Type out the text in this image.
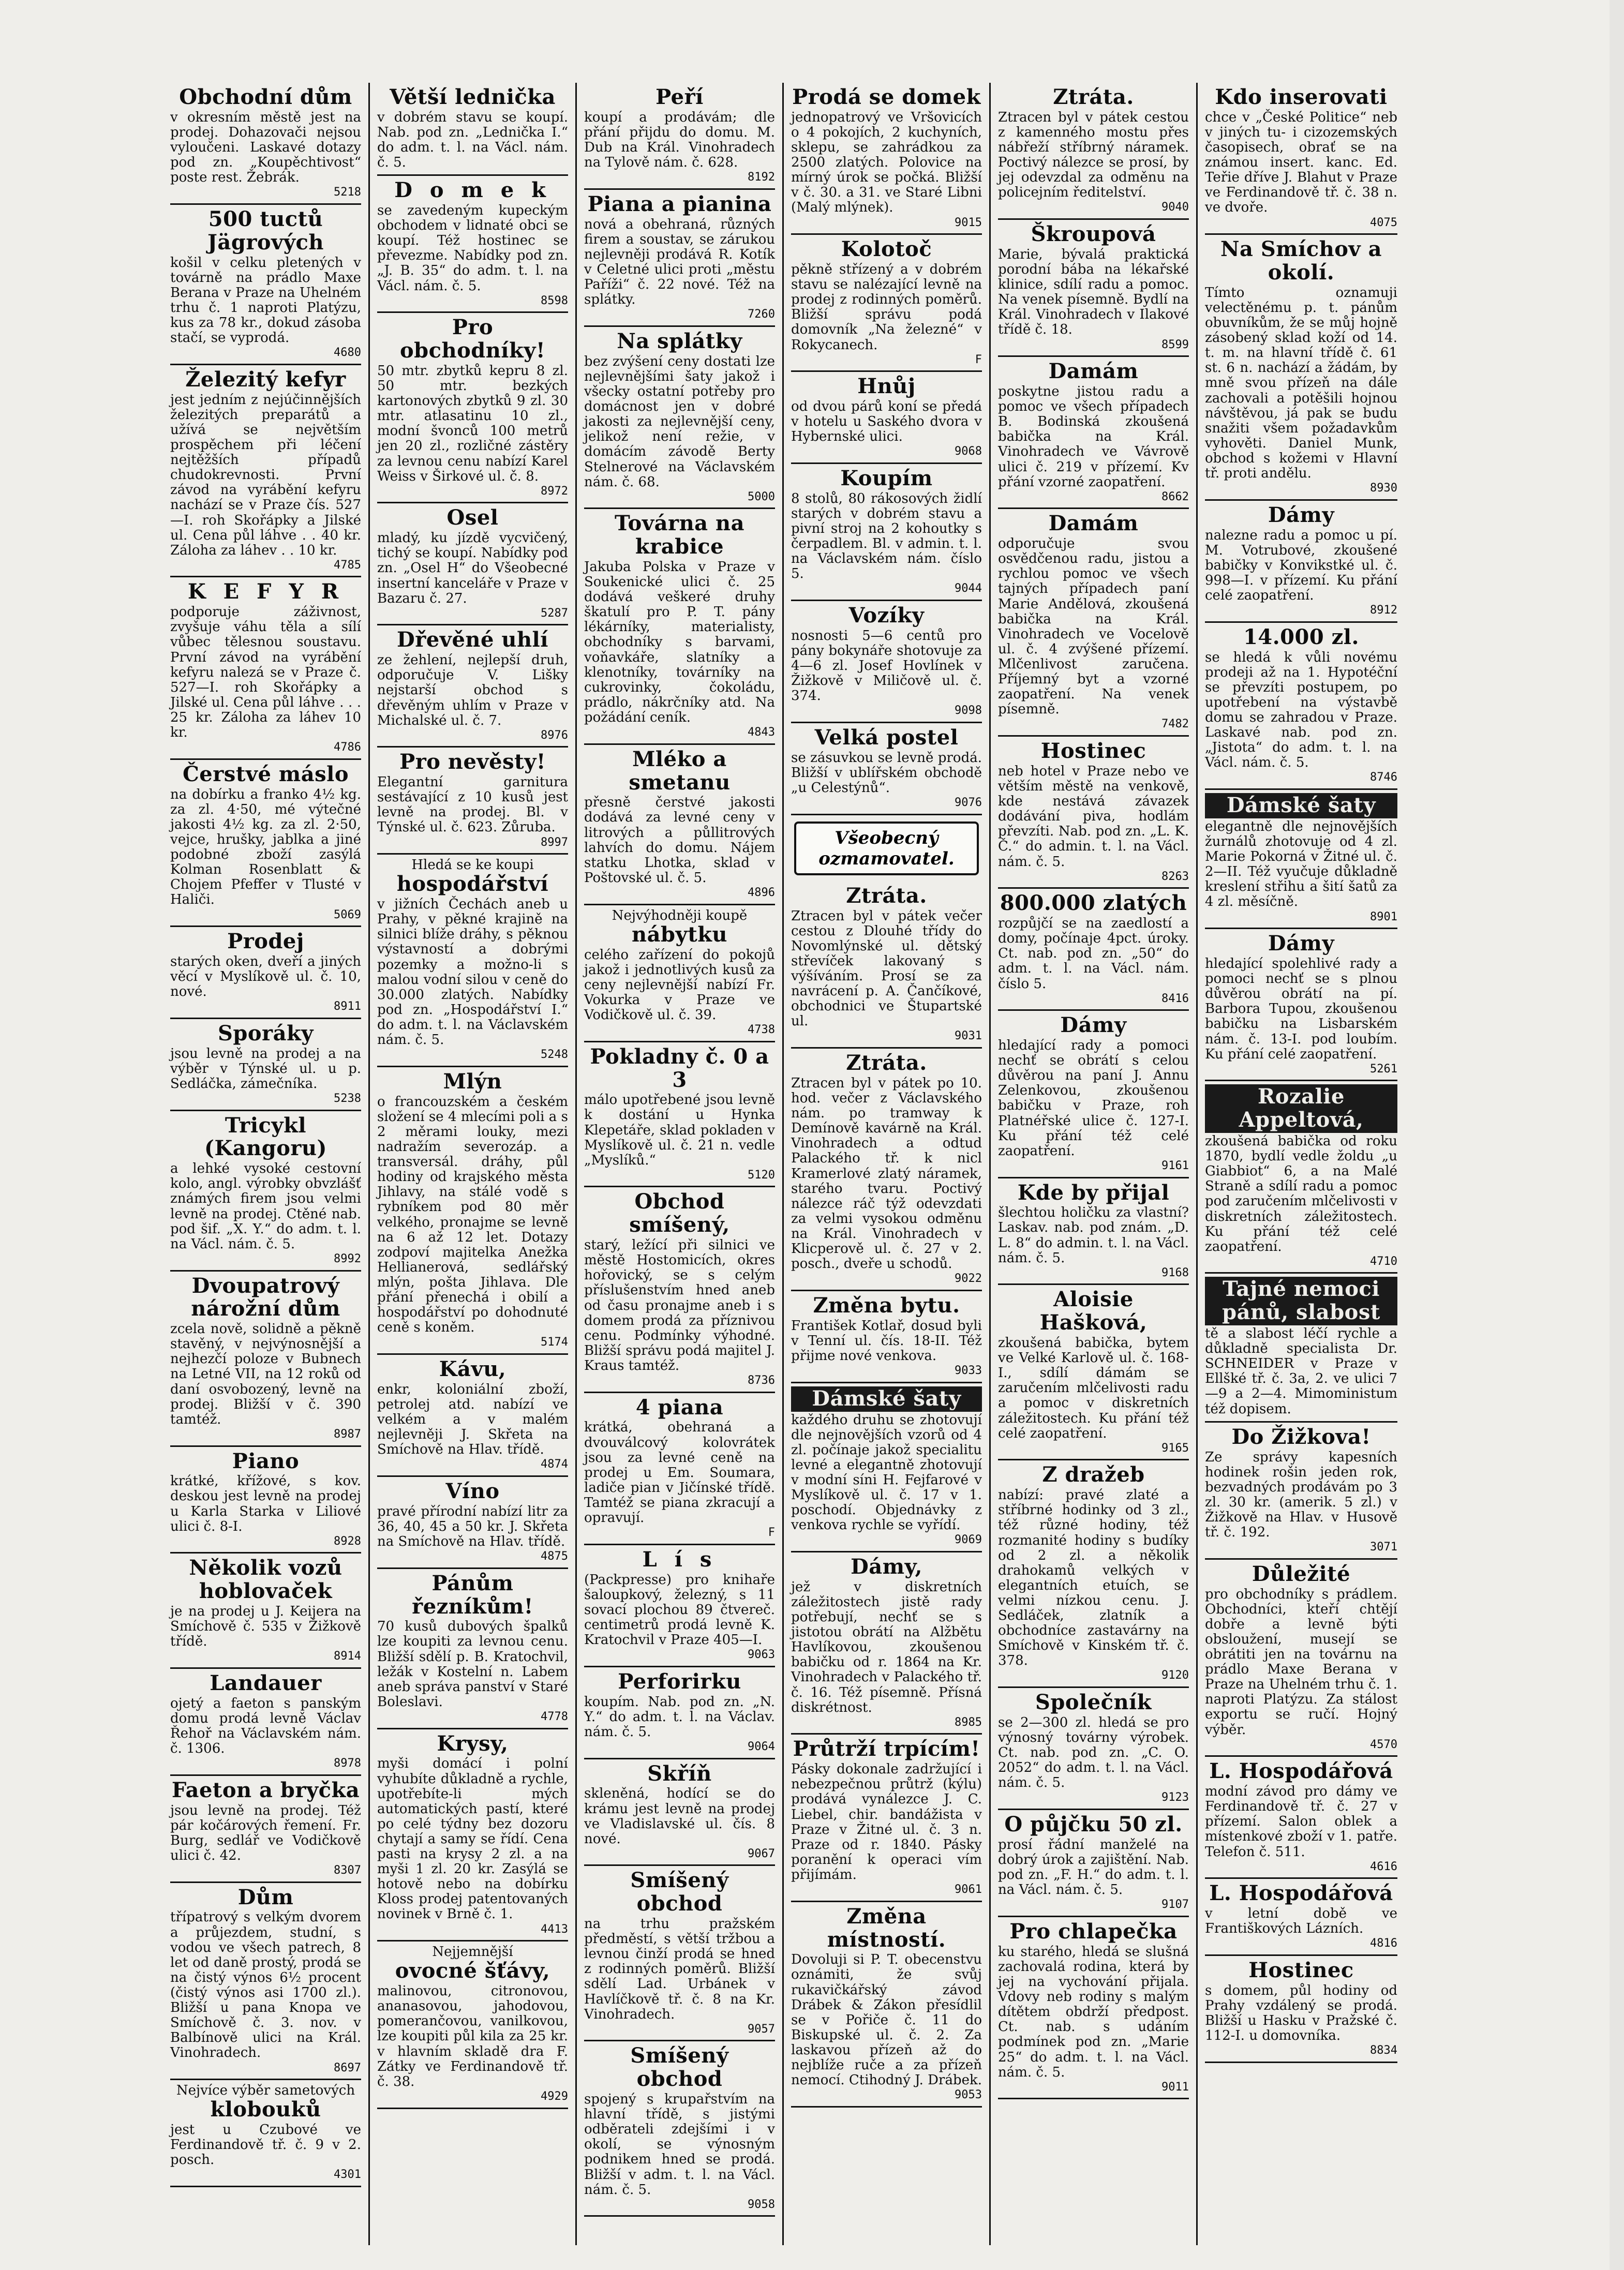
Obchodní dům
v okresním městě jest na prodej. Dohazovači nejsou vyloučeni. Laskavé dotazy pod zn. „Koupěchtivost“ poste rest. Žebrák.
5218
500 tuctů Jägrových
košil v celku pletených v továrně na prádlo Maxe Berana v Praze na Uhelném trhu č. 1 naproti Platýzu, kus za 78 kr., dokud zásoba stačí, se vyprodá.
4680
Železitý kefyr
jest jedním z nejúčinnějších železitých preparátů a užívá se největším prospěchem při léčení nejtěžších případů chudokrevnosti. První závod na vyrábění kefyru nachází se v Praze čís. 527—I. roh Skořápky a Jilské ul. Cena půl láhve . . 40 kr. Záloha za láhev . . 10 kr.
4785
K E F Y R
podporuje záživnost, zvyšuje váhu těla a sílí vůbec tělesnou soustavu. První závod na vyrábění kefyru nalezá se v Praze č. 527—I. roh Skořápky a Jilské ul. Cena půl láhve . . . 25 kr. Záloha za láhev 10 kr.
4786
Čerstvé máslo
na dobírku a franko 4½ kg. za zl. 4·50, mé výtečné jakosti 4½ kg. za zl. 2·50, vejce, hrušky, jablka a jiné podobné zboží zasýlá Kolman Rosenblatt & Chojem Pfeffer v Tlusté v Haliči.
5069
Prodej
starých oken, dveří a jiných věcí v Myslíkově ul. č. 10, nové.
8911
Sporáky
jsou levně na prodej a na výběr v Týnské ul. u p. Sedláčka, zámečníka.
5238
Tricykl (Kangoru)
a lehké vysoké cestovní kolo, angl. výrobky obvzlášť známých firem jsou velmi levně na prodej. Ctěné nab. pod šif. „X. Y.“ do adm. t. l. na Václ. nám. č. 5.
8992
Dvoupatrový nárožní dům
zcela nově, solidně a pěkně stavěný, v nejvýnosnější a nejhezčí poloze v Bubnech na Letné VII, na 12 roků od daní osvobozený, levně na prodej. Bližší v č. 390 tamtéž.
8987
Piano
krátké, křížové, s kov. deskou jest levně na prodej u Karla Starka v Liliové ulici č. 8-I.
8928
Několik vozů hoblovaček
je na prodej u J. Keijera na Smíchově č. 535 v Žižkově třídě.
8914
Landauer
ojetý a faeton s panským domu prodá levně Václav Řehoř na Václavském nám. č. 1306.
8978
Faeton a bryčka
jsou levně na prodej. Též pár kočárových řemení. Fr. Burg, sedlář ve Vodičkově ulici č. 42.
8307
Dům
třípatrový s velkým dvorem a průjezdem, studní, s vodou ve všech patrech, 8 let od daně prostý, prodá se na čistý výnos 6½ procent (čistý výnos asi 1700 zl.). Bližší u pana Knopa ve Smíchově č. 3. nov. v Balbínově ulici na Král. Vinohradech.
8697
Nejvíce výběr sametových
klobouků
jest u Czubové ve Ferdinandově tř. č. 9 v 2. posch.
4301
Větší lednička
v dobrém stavu se koupí. Nab. pod zn. „Lednička I.“ do adm. t. l. na Václ. nám. č. 5.
D o m e k
se zavedeným kupeckým obchodem v lidnaté obci se koupí. Též hostinec se převezme. Nabídky pod zn. „J. B. 35“ do adm. t. l. na Václ. nám. č. 5.
8598
Pro obchodníky!
50 mtr. zbytků kepru 8 zl. 50 mtr. bezkých kartonových zbytků 9 zl. 30 mtr. atlasatinu 10 zl., modní švonců 100 metrů jen 20 zl., rozličné zástěry za levnou cenu nabízí Karel Weiss v Širkové ul. č. 8.
8972
Osel
mladý, ku jízdě vycvičený, tichý se koupí. Nabídky pod zn. „Osel H“ do Všeobecné insertní kanceláře v Praze v Bazaru č. 27.
5287
Dřevěné uhlí
ze žehlení, nejlepší druh, odporučuje V. Lišky nejstarší obchod s dřevěným uhlím v Praze v Michalské ul. č. 7.
8976
Pro nevěsty!
Elegantní garnitura sestávající z 10 kusů jest levně na prodej. Bl. v Týnské ul. č. 623. Zůruba.
8997
Hledá se ke koupi
hospodářství
v jižních Čechách aneb u Prahy, v pěkné krajině na silnici blíže dráhy, s pěknou výstavností a dobrými pozemky a možno-li s malou vodní silou v ceně do 30.000 zlatých. Nabídky pod zn. „Hospodářství I.“ do adm. t. l. na Václavském nám. č. 5.
5248
Mlýn
o francouzském a českém složení se 4 mlecími poli a s 2 měrami louky, mezi nadražím severozáp. a transversál. dráhy, půl hodiny od krajského města Jihlavy, na stálé vodě s rybníkem pod 80 měr velkého, pronajme se levně na 6 až 12 let. Dotazy zodpoví majitelka Anežka Hellianerová, sedlářský mlýn, pošta Jihlava. Dle přání přenechá i obilí a hospodářství po dohodnuté ceně s koněm.
5174
Kávu,
enkr, koloniální zboží, petrolej atd. nabízí ve velkém a v malém nejlevněji J. Skřeta na Smíchově na Hlav. třídě.
4874
Víno
pravé přírodní nabízí litr za 36, 40, 45 a 50 kr. J. Skřeta na Smíchově na Hlav. třídě.
4875
Pánům řezníkům!
70 kusů dubových špalků lze koupiti za levnou cenu. Bližší sdělí p. B. Kratochvil, ležák v Kostelní n. Labem aneb správa panství v Staré Boleslavi.
4778
Krysy,
myši domácí i polní vyhubíte důkladně a rychle, upotřebíte-li mých automatických pastí, které po celé týdny bez dozoru chytají a samy se řídí. Cena pasti na krysy 2 zl. a na myši 1 zl. 20 kr. Zasýlá se hotově nebo na dobírku Kloss prodej patentovaných novinek v Brně č. 1.
4413
Nejjemnější
ovocné šťávy,
malinovou, citronovou, ananasovou, jahodovou, pomerančovou, vanilkovou, lze koupiti půl kila za 25 kr. v hlavním skladě dra F. Zátky ve Ferdinandově tř. č. 38.
4929
Peří
koupí a prodávám; dle přání přijdu do domu. M. Dub na Král. Vinohradech na Tylově nám. č. 628.
8192
Piana a pianina
nová a obehraná, různých firem a soustav, se zárukou nejlevněji prodává R. Kotík v Celetné ulici proti „městu Paříži“ č. 22 nové. Též na splátky.
7260
Na splátky
bez zvýšení ceny dostati lze nejlevnějšími šaty jakož i všecky ostatní potřeby pro domácnost jen v dobré jakosti za nejlevnější ceny, jelikož není režie, v domácím závodě Berty Stelnerové na Václavském nám. č. 68.
5000
Továrna na krabice
Jakuba Polska v Praze v Soukenické ulici č. 25 dodává veškeré druhy škatulí pro P. T. pány lékárníky, materialisty, obchodníky s barvami, voňavkáře, slatníky a klenotníky, továrníky na cukrovinky, čokoládu, prádlo, nákrčníky atd. Na požádání ceník.
4843
Mléko a smetanu
přesně čerstvé jakosti dodává za levné ceny v litrových a půllitrových lahvích do domu. Nájem statku Lhotka, sklad v Poštovské ul. č. 5.
4896
Nejvýhodněji koupě
nábytku
celého zařízení do pokojů jakož i jednotlivých kusů za ceny nejlevnější nabízí Fr. Vokurka v Praze ve Vodičkově ul. č. 39.
4738
Pokladny č. 0 a 3
málo upotřebené jsou levně k dostání u Hynka Klepetáře, sklad pokladen v Myslíkově ul. č. 21 n. vedle „Myslíků.“
5120
Obchod smíšený,
starý, ležící při silnici ve městě Hostomicích, okres hořovický, se s celým příslušenstvím hned aneb od času pronajme aneb i s domem prodá za příznivou cenu. Podmínky výhodné. Bližší správu podá majitel J. Kraus tamtéž.
8736
4 piana
krátká, obehraná a dvouválcový kolovrátek jsou za levné ceně na prodej u Em. Soumara, ladiče pian v Jičínské třídě. Tamtéž se piana zkracují a opravují.
F
L í s
(Packpresse) pro knihaře šaloupkový, železný, s 11 sovací plochou 89 čtvereč. centimetrů prodá levně K. Kratochvil v Praze 405—I.
9063
Perforirku
koupím. Nab. pod zn. „N. Y.“ do adm. t. l. na Václav. nám. č. 5.
9064
Skříň
skleněná, hodící se do krámu jest levně na prodej ve Vladislavské ul. čís. 8 nové.
9067
Smíšený obchod
na trhu pražském předměstí, s větší tržbou a levnou činží prodá se hned z rodinných poměrů. Bližší sdělí Lad. Urbánek v Havlíčkově tř. č. 8 na Kr. Vinohradech.
9057
Smíšený obchod
spojený s krupařstvím na hlavní třídě, s jistými odběrateli zdejšími i v okolí, se výnosným podnikem hned se prodá. Bližší v adm. t. l. na Václ. nám. č. 5.
9058
Prodá se domek
jednopatrový ve Vršovicích o 4 pokojích, 2 kuchyních, sklepu, se zahrádkou za 2500 zlatých. Polovice na mírný úrok se počká. Bližší v č. 30. a 31. ve Staré Libni (Malý mlýnek).
9015
Kolotoč
pěkně střízený a v dobrém stavu se nalézající levně na prodej z rodinných poměrů. Bližší správu podá domovník „Na železné“ v Rokycanech.
F
Hnůj
od dvou párů koní se předá v hotelu u Saského dvora v Hybernské ulici.
9068
Koupím
8 stolů, 80 rákosových židlí starých v dobrém stavu a pivní stroj na 2 kohoutky s čerpadlem. Bl. v admin. t. l. na Václavském nám. číslo 5.
9044
Vozíky
nosnosti 5—6 centů pro pány bokynáře shotovuje za 4—6 zl. Josef Hovlínek v Žižkově v Miličově ul. č. 374.
9098
Velká postel
se zásuvkou se levně prodá. Bližší v ublířském obchodě „u Celestýnů“.
9076
Všeobecný ozmamovatel.
Ztráta.
Ztracen byl v pátek večer cestou z Dlouhé třídy do Novomlýnské ul. dětský střevíček lakovaný s výšíváním. Prosí se za navrácení p. A. Čančíkové, obchodnici ve Štupartské ul.
9031
Ztráta.
Ztracen byl v pátek po 10. hod. večer z Václavského nám. po tramway k Demínově kavárně na Král. Vinohradech a odtud Palackého tř. k nicl Kramerlové zlatý náramek, starého tvaru. Poctivý nálezce ráč týž odevzdati za velmi vysokou odměnu na Král. Vinohradech v Klicperově ul. č. 27 v 2. posch., dveře u schodů.
9022
Změna bytu.
František Kotlař, dosud byli v Tenní ul. čís. 18-II. Též přijme nové venkova.
9033
Dámské šaty
každého druhu se zhotovují dle nejnovějších vzorů od 4 zl. počínaje jakož specialitu levné a elegantně zhotovují v modní síni H. Fejfarové v Myslíkově ul. č. 17 v 1. poschodí. Objednávky z venkova rychle se vyřídí.
9069
Dámy,
jež v diskretních záležitostech jistě rady potřebují, nechť se s jistotou obrátí na Alžbětu Havlíkovou, zkoušenou babičku od r. 1864 na Kr. Vinohradech v Palackého tř. č. 16. Též písemně. Přísná diskrétnost.
8985
Průtrží trpícím!
Pásky dokonale zadržující i nebezpečnou průtrž (kýlu) prodává vynálezce J. C. Liebel, chir. bandážista v Praze v Žitné ul. č. 3 n. Praze od r. 1840. Pásky poranění k operaci vím přijímám.
9061
Změna místností.
Dovoluji si P. T. obecenstvu oznámiti, že svůj rukavičkářský závod Drábek & Zákon přesídlil se v Pořiče č. 11 do Biskupské ul. č. 2. Za laskavou přízeň až do nejblíže ruče a za přízeň nemocí. Ctihodný J. Drábek.
9053
Ztráta.
Ztracen byl v pátek cestou z kamenného mostu přes nábřeží stříbrný náramek. Poctivý nálezce se prosí, by jej odevzdal za odměnu na policejním ředitelství.
9040
Škroupová
Marie, bývalá praktická porodní bába na lékařské klinice, sdílí radu a pomoc. Na venek písemně. Bydlí na Král. Vinohradech v Ilakové třídě č. 18.
8599
Damám
poskytne jistou radu a pomoc ve všech případech B. Bodinská zkoušená babička na Král. Vinohradech ve Vávrově ulici č. 219 v přízemí. Kv přání vzorné zaopatření.
8662
Damám
odporučuje svou osvědčenou radu, jistou a rychlou pomoc ve všech tajných případech paní Marie Andělová, zkoušená babička na Král. Vinohradech ve Vocelově ul. č. 4 zvýšené přízemí. Mlčenlivost zaručena. Příjemný byt a vzorné zaopatření. Na venek písemně.
7482
Hostinec
neb hotel v Praze nebo ve větším městě na venkově, kde nestává závazek dodávání piva, hodlám převzíti. Nab. pod zn. „L. K. Č.“ do admin. t. l. na Václ. nám. č. 5.
8263
800.000 zlatých
rozpůjčí se na zaedlostí a domy, počínaje 4pct. úroky. Ct. nab. pod zn. „50“ do adm. t. l. na Václ. nám. číslo 5.
8416
Dámy
hledající rady a pomoci nechť se obrátí s celou důvěrou na paní J. Annu Zelenkovou, zkoušenou babičku v Praze, roh Platnéřské ulice č. 127-I. Ku přání též celé zaopatření.
9161
Kde by přijal
šlechtou holičku za vlastní? Laskav. nab. pod znám. „D. L. 8“ do admin. t. l. na Václ. nám. č. 5.
9168
Aloisie Hašková,
zkoušená babička, bytem ve Velké Karlově ul. č. 168-I., sdílí dámám se zaručením mlčelivosti radu a pomoc v diskretních záležitostech. Ku přání též celé zaopatření.
9165
Z dražeb
nabízí: pravé zlaté a stříbrné hodinky od 3 zl., též různé hodiny, též rozmanité hodiny s budíky od 2 zl. a několik drahokamů velkých v elegantních etuích, se velmi nízkou cenu. J. Sedláček, zlatník a obchodníce zastavárny na Smíchově v Kinském tř. č. 378.
9120
Společník
se 2—300 zl. hledá se pro výnosný továrny výrobek. Ct. nab. pod zn. „C. O. 2052“ do adm. t. l. na Václ. nám. č. 5.
9123
O půjčku 50 zl.
prosí řádní manželé na dobrý úrok a zajištění. Nab. pod zn. „F. H.“ do adm. t. l. na Václ. nám. č. 5.
9107
Pro chlapečka
ku starého, hledá se slušná zachovalá rodina, která by jej na vychování přijala. Vdovy neb rodiny s malým dítětem obdrží předpost. Ct. nab. s udáním podmínek pod zn. „Marie 25“ do adm. t. l. na Václ. nám. č. 5.
9011
Kdo inserovati
chce v „České Politice“ neb v jiných tu- i cizozemských časopisech, obrať se na známou insert. kanc. Ed. Teřie dříve J. Blahut v Praze ve Ferdinandově tř. č. 38 n. ve dvoře.
4075
Na Smíchov a okolí.
Tímto oznamuji velectěnému p. t. pánům obuvníkům, že se můj hojně zásobený sklad koží od 14. t. m. na hlavní třídě č. 61 st. 6 n. nachází a žádám, by mně svou přízeň na dále zachovali a potěšili hojnou návštěvou, já pak se budu snažiti všem požadavkům vyhověti. Daniel Munk, obchod s kožemi v Hlavní tř. proti andělu.
8930
Dámy
nalezne radu a pomoc u pí. M. Votrubové, zkoušené babičky v Konvikstké ul. č. 998—I. v přízemí. Ku přání celé zaopatření.
8912
14.000 zl.
se hledá k vůli novému prodeji až na 1. Hypotéční se převzíti postupem, po upotřebení na výstavbě domu se zahradou v Praze. Laskavé nab. pod zn. „Jistota“ do adm. t. l. na Václ. nám. č. 5.
8746
Dámské šaty
elegantně dle nejnovějších žurnálů zhotovuje od 4 zl. Marie Pokorná v Žitné ul. č. 2—II. Též vyučuje důkladně kreslení střihu a šití šatů za 4 zl. měsíčně.
8901
Dámy
hledající spolehlivé rady a pomoci nechť se s plnou důvěrou obrátí na pí. Barbora Tupou, zkoušenou babičku na Lisbarském nám. č. 13-I. pod loubím. Ku přání celé zaopatření.
5261
Rozalie Appeltová,
zkoušená babička od roku 1870, bydlí vedle žoldu „u Giabbiot“ 6, a na Malé Straně a sdílí radu a pomoc pod zaručením mlčelivosti v diskretních záležitostech. Ku přání též celé zaopatření.
4710
Tajné nemoci pánů, slabost
tě a slabost léčí rychle a důkladně specialista Dr. SCHNEIDER v Praze v Ellšké tř. č. 3a, 2. ve ulici 7—9 a 2—4. Mimoministum též dopisem.
Do Žižkova!
Ze správy kapesních hodinek rošin jeden rok, bezvadných prodávám po 3 zl. 30 kr. (amerik. 5 zl.) v Žižkově na Hlav. v Husově tř. č. 192.
3071
Důležité
pro obchodníky s prádlem. Obchodníci, kteří chtějí dobře a levně býti obsloužení, musejí se obrátiti jen na továrnu na prádlo Maxe Berana v Praze na Uhelném trhu č. 1. naproti Platýzu. Za stálost exportu se ručí. Hojný výběr.
4570
L. Hospodářová
modní závod pro dámy ve Ferdinandově tř. č. 27 v přízemí. Salon oblek a místenkové zboží v 1. patře. Telefon č. 511.
4616
L. Hospodářová
v letní době ve Františkových Lázních.
4816
Hostinec
s domem, půl hodiny od Prahy vzdálený se prodá. Bližší u Hasku v Pražské č. 112-I. u domovníka.
8834
